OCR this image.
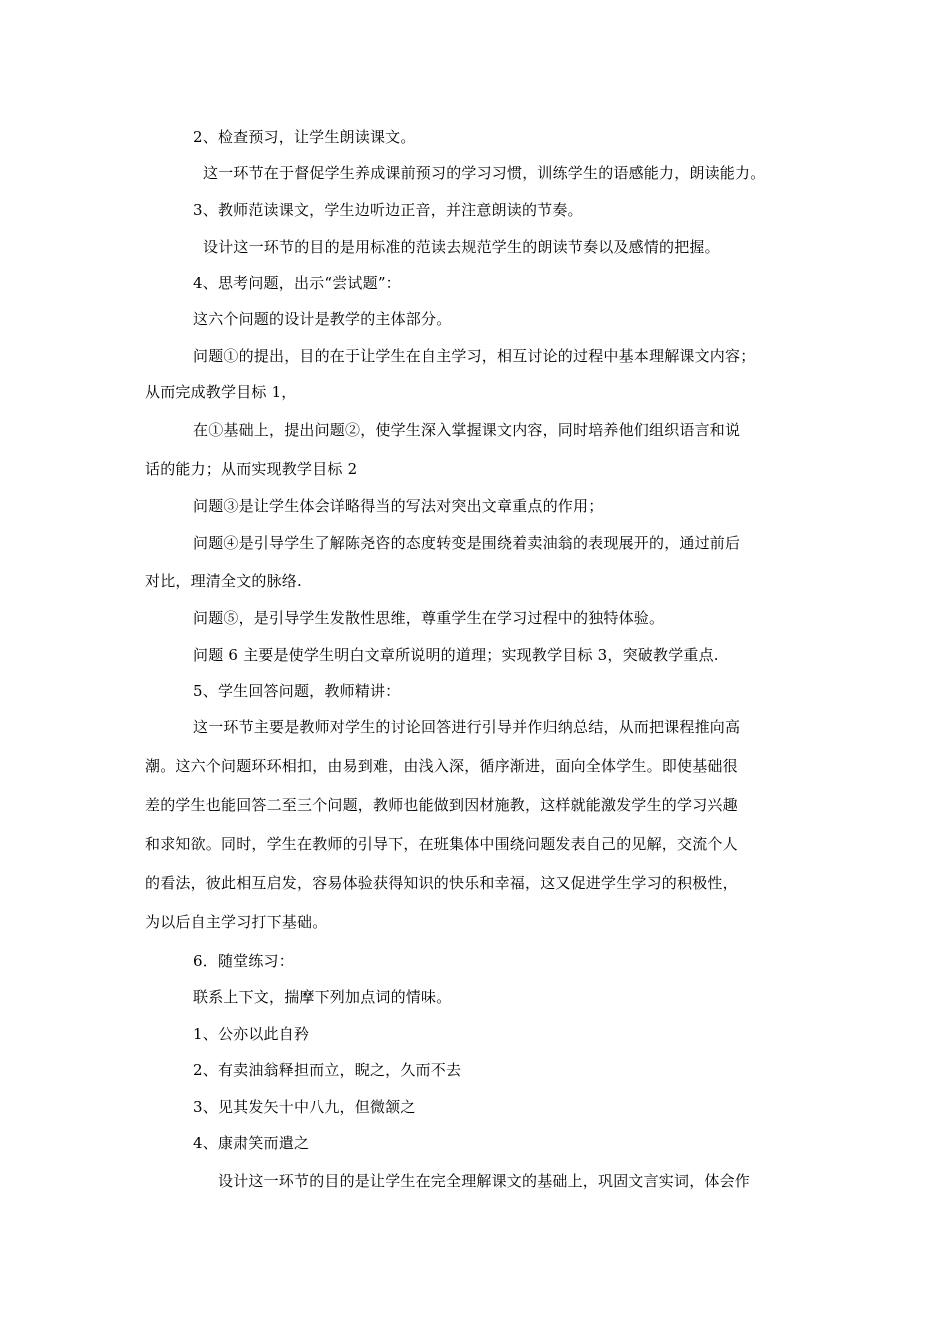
2、检查预习，让学生朗读课文。
这一环节在于督促学生养成课前预习的学习习惯，训练学生的语感能力，朗读能力。
3、教师范读课文，学生边听边正音，并注意朗读的节奏。
设计这一环节的目的是用标准的范读去规范学生的朗读节奏以及感情的把握。
4、思考问题，出示“尝试题”：
这六个问题的设计是教学的主体部分。
问题①的提出，目的在于让学生在自主学习，相互讨论的过程中基本理解课文内容；
从而完成教学目标 1，
在①基础上，提出问题②，使学生深入掌握课文内容，同时培养他们组织语言和说
话的能力；从而实现教学目标 2
问题③是让学生体会详略得当的写法对突出文章重点的作用；
问题④是引导学生了解陈尧咨的态度转变是围绕着卖油翁的表现展开的，通过前后
对比，理清全文的脉络.
问题⑤，是引导学生发散性思维，尊重学生在学习过程中的独特体验。
问题 6 主要是使学生明白文章所说明的道理；实现教学目标 3，突破教学重点.
5、学生回答问题，教师精讲：
这一环节主要是教师对学生的讨论回答进行引导并作归纳总结，从而把课程推向高
潮。这六个问题环环相扣，由易到难，由浅入深，循序渐进，面向全体学生。即使基础很
差的学生也能回答二至三个问题，教师也能做到因材施教，这样就能激发学生的学习兴趣
和求知欲。同时，学生在教师的引导下，在班集体中围绕问题发表自己的见解，交流个人
的看法，彼此相互启发，容易体验获得知识的快乐和幸福，这又促进学生学习的积极性，
为以后自主学习打下基础。
6．随堂练习：
联系上下文，揣摩下列加点词的情味。
1、公亦以此自矜
2、有卖油翁释担而立，睨之，久而不去
3、见其发矢十中八九，但微颔之
4、康肃笑而遣之
设计这一环节的目的是让学生在完全理解课文的基础上，巩固文言实词，体会作
